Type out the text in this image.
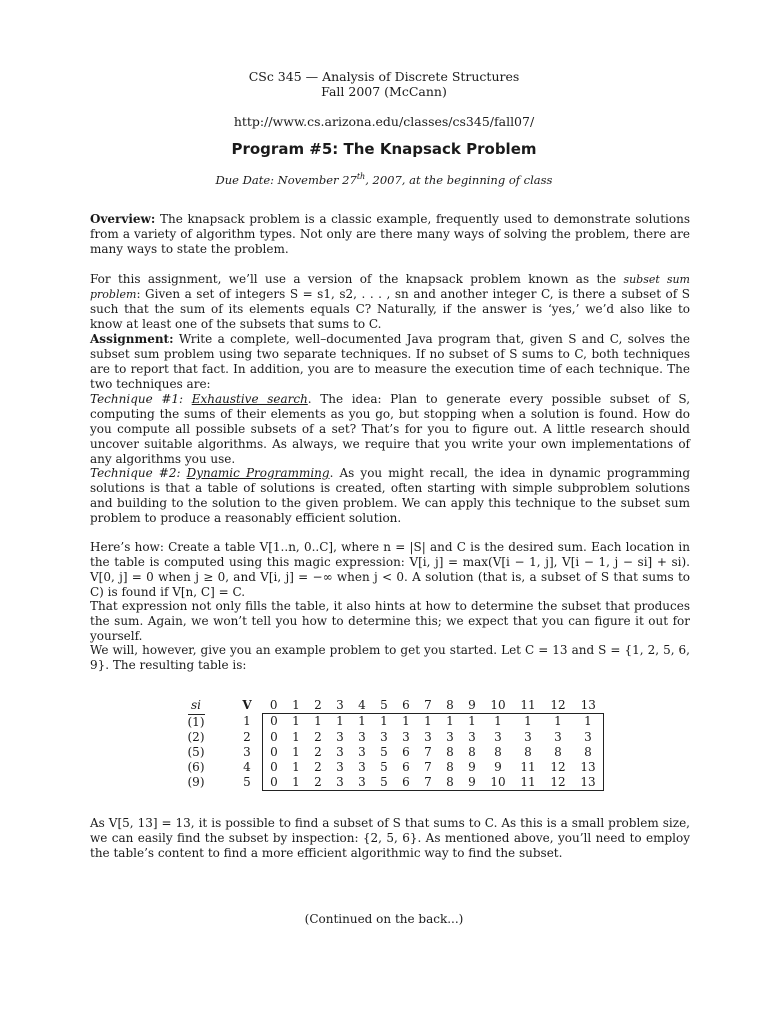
CSc 345 — Analysis of Discrete Structures
Fall 2007 (McCann)
http://www.cs.arizona.edu/classes/cs345/fall07/
Program #5: The Knapsack Problem
Due Date: November 27th, 2007, at the beginning of class
Overview: The knapsack problem is a classic example, frequently used to demonstrate solutions from a variety of algorithm types. Not only are there many ways of solving the problem, there are many ways to state the problem.
For this assignment, we’ll use a version of the knapsack problem known as the subset sum problem: Given a set of integers S = s1, s2, . . . , sn and another integer C, is there a subset of S such that the sum of its elements equals C? Naturally, if the answer is ‘yes,’ we’d also like to know at least one of the subsets that sums to C.
Assignment: Write a complete, well–documented Java program that, given S and C, solves the subset sum problem using two separate techniques. If no subset of S sums to C, both techniques are to report that fact. In addition, you are to measure the execution time of each technique. The two techniques are:
Technique #1: Exhaustive search. The idea: Plan to generate every possible subset of S, computing the sums of their elements as you go, but stopping when a solution is found. How do you compute all possible subsets of a set? That’s for you to figure out. A little research should uncover suitable algorithms. As always, we require that you write your own implementations of any algorithms you use.
Technique #2: Dynamic Programming. As you might recall, the idea in dynamic programming solutions is that a table of solutions is created, often starting with simple subproblem solutions and building to the solution to the given problem. We can apply this technique to the subset sum problem to produce a reasonably efficient solution.
Here’s how: Create a table V[1..n, 0..C], where n = |S| and C is the desired sum. Each location in the table is computed using this magic expression: V[i, j] = max(V[i − 1, j], V[i − 1, j − si] + si). V[0, j] = 0 when j ≥ 0, and V[i, j] = −∞ when j < 0. A solution (that is, a subset of S that sums to C) is found if V[n, C] = C.
That expression not only fills the table, it also hints at how to determine the subset that produces the sum. Again, we won’t tell you how to determine this; we expect that you can figure it out for yourself.
We will, however, give you an example problem to get you started. Let C = 13 and S = {1, 2, 5, 6, 9}. The resulting table is:
si		V		0	1	2	3	4	5	6	7	8	9	10	11	12	13
(1)		1		0	1	1	1	1	1	1	1	1	1	1	1	1	1
(2)		2		0	1	2	3	3	3	3	3	3	3	3	3	3	3
(5)		3		0	1	2	3	3	5	6	7	8	8	8	8	8	8
(6)		4		0	1	2	3	3	5	6	7	8	9	9	11	12	13
(9)		5		0	1	2	3	3	5	6	7	8	9	10	11	12	13
As V[5, 13] = 13, it is possible to find a subset of S that sums to C. As this is a small problem size, we can easily find the subset by inspection: {2, 5, 6}. As mentioned above, you’ll need to employ the table’s content to find a more efficient algorithmic way to find the subset.
(Continued on the back...)
